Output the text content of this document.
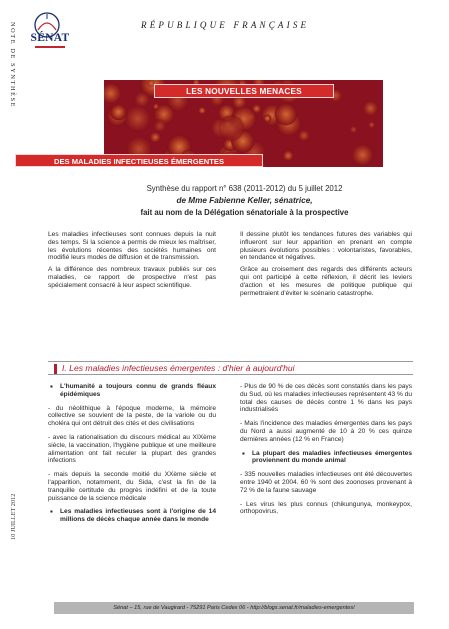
NOTE DE SYNTHÈSE
10 JUILLET 2012
SÉNAT
RÉPUBLIQUE FRANÇAISE
LES NOUVELLES MENACES
DES MALADIES INFECTIEUSES ÉMERGENTES
Synthèse du rapport n° 638 (2011-2012) du 5 juillet 2012
de Mme Fabienne Keller, sénatrice,
fait au nom de la Délégation sénatoriale à la prospective

Les maladies infectieuses sont connues depuis la nuit des temps. Si la science a permis de mieux les maîtriser, les évolutions récentes des sociétés humaines ont modifié leurs modes de diffusion et de transmission.

A la différence des nombreux travaux publiés sur ces maladies, ce rapport de prospective n'est pas spécialement consacré à leur aspect scientifique.

Il dessine plutôt les tendances futures des variables qui influeront sur leur apparition en prenant en compte plusieurs évolutions possibles : volontaristes, favorables, en tendance et négatives.

Grâce au croisement des regards des différents acteurs qui ont participé à cette réflexion, il décrit les leviers d'action et les mesures de politique publique qui permettraient d'éviter le scénario catastrophe.

I. Les maladies infectieuses émergentes : d'hier à aujourd'hui

▪ L'humanité a toujours connu de grands fléaux épidémiques

- du néolithique à l'époque moderne, la mémoire collective se souvient de la peste, de la variole ou du choléra qui ont détruit des cités et des civilisations

- avec la rationalisation du discours médical au XIXème siècle, la vaccination, l'hygiène publique et une meilleure alimentation ont fait reculer la plupart des grandes infections

- mais depuis la seconde moitié du XXème siècle et l'apparition, notamment, du Sida, c'est la fin de la tranquille certitude du progrès indéfini et de la toute puissance de la science médicale

▪ Les maladies infectieuses sont à l'origine de 14 millions de décès chaque année dans le monde

- Plus de 90 % de ces décès sont constatés dans les pays du Sud, où les maladies infectieuses représentent 43 % du total des causes de décès contre 1 % dans les pays industrialisés

- Mais l'incidence des maladies émergentes dans les pays du Nord a aussi augmenté de 10 à 20 % ces quinze dernières années (12 % en France)

▪ La plupart des maladies infectieuses émergentes proviennent du monde animal

- 335 nouvelles maladies infectieuses ont été découvertes entre 1940 et 2004. 60 % sont des zoonoses provenant à 72 % de la faune sauvage

- Les virus les plus connus (chikungunya, monkeypox, orthopovirus,

Sénat – 15, rue de Vaugirard - 75291 Paris Cedex 06 - http://blogs.senat.fr/maladies-emergentes/
